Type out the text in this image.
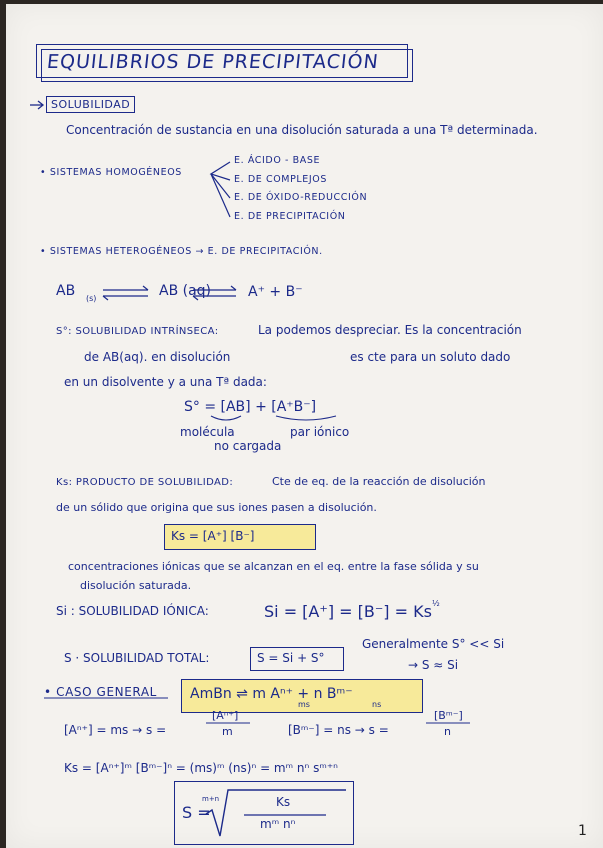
EQUILIBRIOS DE PRECIPITACIÓN
SOLUBILIDAD
Concentración de sustancia en una disolución saturada a una Tª determinada.
• SISTEMAS HOMOGÉNEOS
E. ÁCIDO - BASE
E. DE COMPLEJOS
E. DE ÓXIDO-REDUCCIÓN
E. DE PRECIPITACIÓN
• SISTEMAS HETEROGÉNEOS → E. DE PRECIPITACIÓN.
AB (s)	AB (aq)	A⁺ + B⁻
S°: SOLUBILIDAD INTRÍNSECA:	La podemos despreciar. Es la concentración
de AB(aq). en disolución	es cte para un soluto dado
en un disolvente y a una Tª dada:
S° = [AB] + [A⁺B⁻]
molécula
no cargada
par iónico
Ks: PRODUCTO DE SOLUBILIDAD:	Cte de eq. de la reacción de disolución
de un sólido que origina que sus iones pasen a disolución.
Ks = [A⁺] [B⁻]
concentraciones iónicas que se alcanzan en el eq. entre la fase sólida y su
disolución saturada.
Si : SOLUBILIDAD IÓNICA:	Si = [A⁺] = [B⁻] = Ks ½
S · SOLUBILIDAD TOTAL:	S = Si + S°
Generalmente S° << Si
→ S ≈ Si
• CASO GENERAL AmBn ⇌ m Aⁿ⁺ + n Bᵐ⁻
ms	ns
[Aⁿ⁺] = ms → s =
[Aⁿ⁺]
m	[Bᵐ⁻] = ns → s =
[Bᵐ⁻]
n
Ks = [Aⁿ⁺]ᵐ [Bᵐ⁻]ⁿ = (ms)ᵐ (ns)ⁿ = mᵐ nⁿ sᵐ⁺ⁿ
S =
m+n	Ks
mᵐ nⁿ	1
